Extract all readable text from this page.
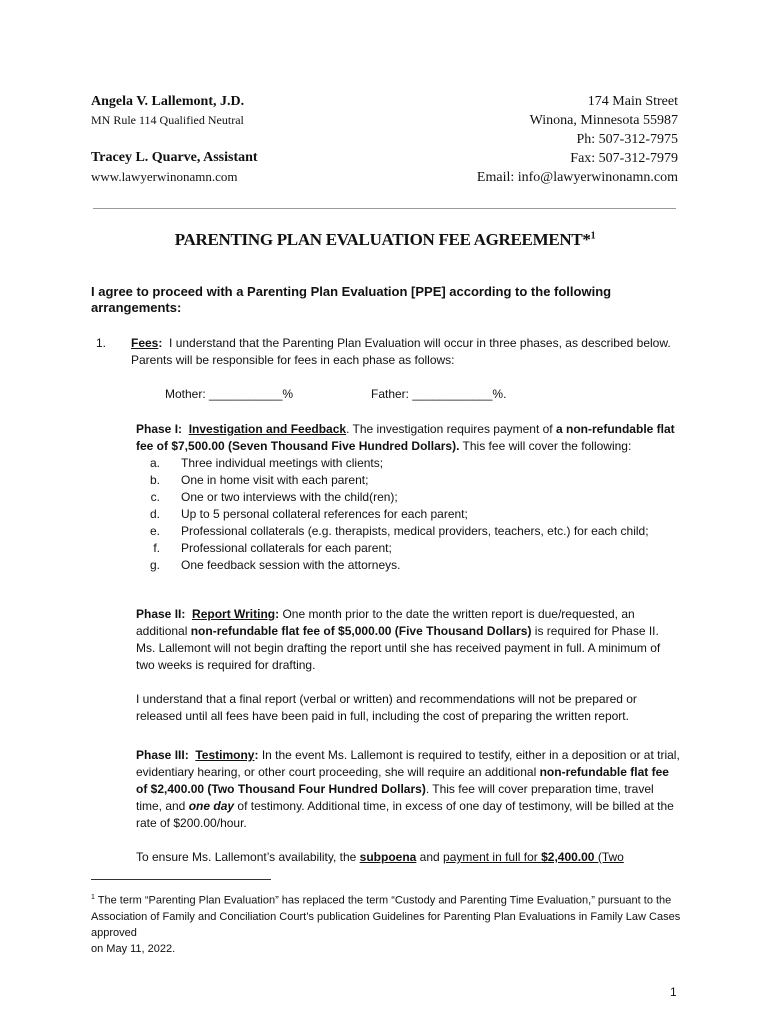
Angela V. Lallemont, J.D.
MN Rule 114 Qualified Neutral
Tracey L. Quarve, Assistant
www.lawyerwinonamn.com
174 Main Street
Winona, Minnesota 55987
Ph: 507-312-7975
Fax: 507-312-7979
Email: info@lawyerwinonamn.com
PARENTING PLAN EVALUATION FEE AGREEMENT*$^1$
I agree to proceed with a Parenting Plan Evaluation [PPE] according to the following arrangements:
1. Fees: I understand that the Parenting Plan Evaluation will occur in three phases, as described below. Parents will be responsible for fees in each phase as follows:
Mother: ___________%	Father: ____________%.

Phase I: Investigation and Feedback. The investigation requires payment of a non-refundable flat fee of $7,500.00 (Seven Thousand Five Hundred Dollars). This fee will cover the following:

a.	Three individual meetings with clients;
b.	One in home visit with each parent;
c.	One or two interviews with the child(ren);
d.	Up to 5 personal collateral references for each parent;
e.	Professional collaterals (e.g. therapists, medical providers, teachers, etc.) for each child;
f.	Professional collaterals for each parent;
g.	One feedback session with the attorneys.

Phase II: Report Writing: One month prior to the date the written report is due/requested, an additional non-refundable flat fee of $5,000.00 (Five Thousand Dollars) is required for Phase II. Ms. Lallemont will not begin drafting the report until she has received payment in full. A minimum of two weeks is required for drafting.

I understand that a final report (verbal or written) and recommendations will not be prepared or released until all fees have been paid in full, including the cost of preparing the written report.

Phase III: Testimony: In the event Ms. Lallemont is required to testify, either in a deposition or at trial, evidentiary hearing, or other court proceeding, she will require an additional non-refundable flat fee of $2,400.00 (Two Thousand Four Hundred Dollars). This fee will cover preparation time, travel time, and one day of testimony. Additional time, in excess of one day of testimony, will be billed at the rate of $200.00/hour.

To ensure Ms. Lallemont’s availability, the subpoena and payment in full for $2,400.00 (Two

$^1$ The term “Parenting Plan Evaluation” has replaced the term “Custody and Parenting Time Evaluation,” pursuant to the Association of Family and Conciliation Court’s publication Guidelines for Parenting Plan Evaluations in Family Law Cases approved
on May 11, 2022.
1
